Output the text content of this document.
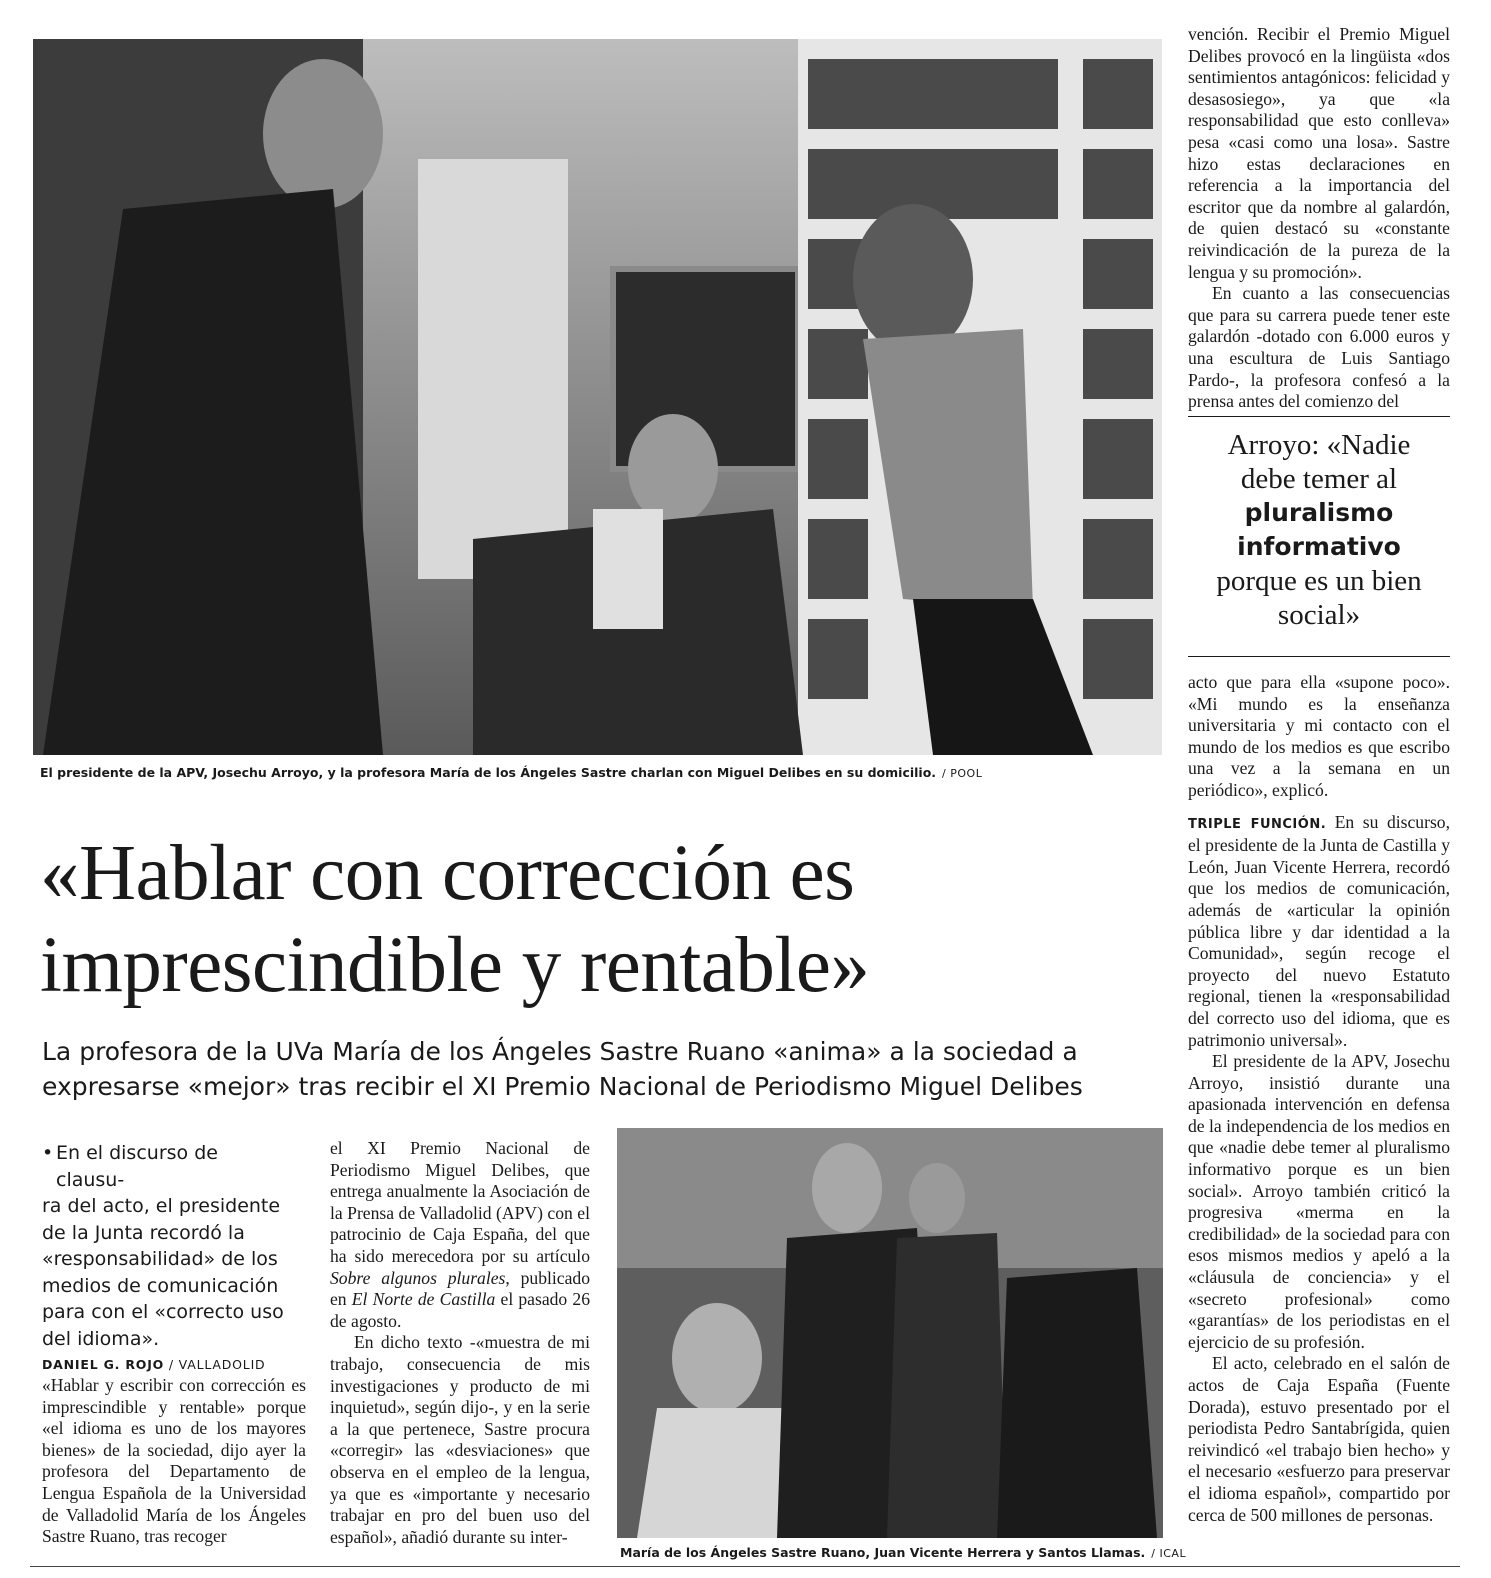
El presidente de la APV, Josechu Arroyo, y la profesora María de los Ángeles Sastre charlan con Miguel Delibes en su domicilio. / POOL
«Hablar con corrección es
imprescindible y rentable»
La profesora de la UVa María de los Ángeles Sastre Ruano «anima» a la sociedad a
expresarse «mejor» tras recibir el XI Premio Nacional de Periodismo Miguel Delibes
• En el discurso de clausu-
ra del acto, el presidente
de la Junta recordó la
«responsabilidad» de los
medios de comunicación
para con el «correcto uso
del idioma».
DANIEL G. ROJO / VALLADOLID

«Hablar y escribir con corrección es imprescindible y rentable» porque «el idioma es uno de los mayores bienes» de la sociedad, dijo ayer la profesora del Departamento de Lengua Española de la Universidad de Valladolid María de los Ángeles Sastre Ruano, tras recoger

el XI Premio Nacional de Periodismo Miguel Delibes, que entrega anualmente la Asociación de la Prensa de Valladolid (APV) con el patrocinio de Caja España, del que ha sido merecedora por su artículo Sobre algunos plurales, publicado en El Norte de Castilla el pasado 26 de agosto.

En dicho texto -«muestra de mi trabajo, consecuencia de mis investigaciones y producto de mi inquietud», según dijo-, y en la serie a la que pertenece, Sastre procura «corregir» las «desviaciones» que observa en el empleo de la lengua, ya que es «importante y necesario trabajar en pro del buen uso del español», añadió durante su inter-

María de los Ángeles Sastre Ruano, Juan Vicente Herrera y Santos Llamas. / ICAL

vención. Recibir el Premio Miguel Delibes provocó en la lingüista «dos sentimientos antagónicos: felicidad y desasosiego», ya que «la responsabilidad que esto conlleva» pesa «casi como una losa». Sastre hizo estas declaraciones en referencia a la importancia del escritor que da nombre al galardón, de quien destacó su «constante reivindicación de la pureza de la lengua y su promoción».

En cuanto a las consecuencias que para su carrera puede tener este galardón -dotado con 6.000 euros y una escultura de Luis Santiago Pardo-, la profesora confesó a la prensa antes del comienzo del

Arroyo: «Nadie
debe temer al
pluralismo
informativo
porque es un bien
social»

acto que para ella «supone poco». «Mi mundo es la enseñanza universitaria y mi contacto con el mundo de los medios es que escribo una vez a la semana en un periódico», explicó.

TRIPLE FUNCIÓN. En su discurso, el presidente de la Junta de Castilla y León, Juan Vicente Herrera, recordó que los medios de comunicación, además de «articular la opinión pública libre y dar identidad a la Comunidad», según recoge el proyecto del nuevo Estatuto regional, tienen la «responsabilidad del correcto uso del idioma, que es patrimonio universal».

El presidente de la APV, Josechu Arroyo, insistió durante una apasionada intervención en defensa de la independencia de los medios en que «nadie debe temer al pluralismo informativo porque es un bien social». Arroyo también criticó la progresiva «merma en la credibilidad» de la sociedad para con esos mismos medios y apeló a la «cláusula de conciencia» y el «secreto profesional» como «garantías» de los periodistas en el ejercicio de su profesión.

El acto, celebrado en el salón de actos de Caja España (Fuente Dorada), estuvo presentado por el periodista Pedro Santabrígida, quien reivindicó «el trabajo bien hecho» y el necesario «esfuerzo para preservar el idioma español», compartido por cerca de 500 millones de personas.
